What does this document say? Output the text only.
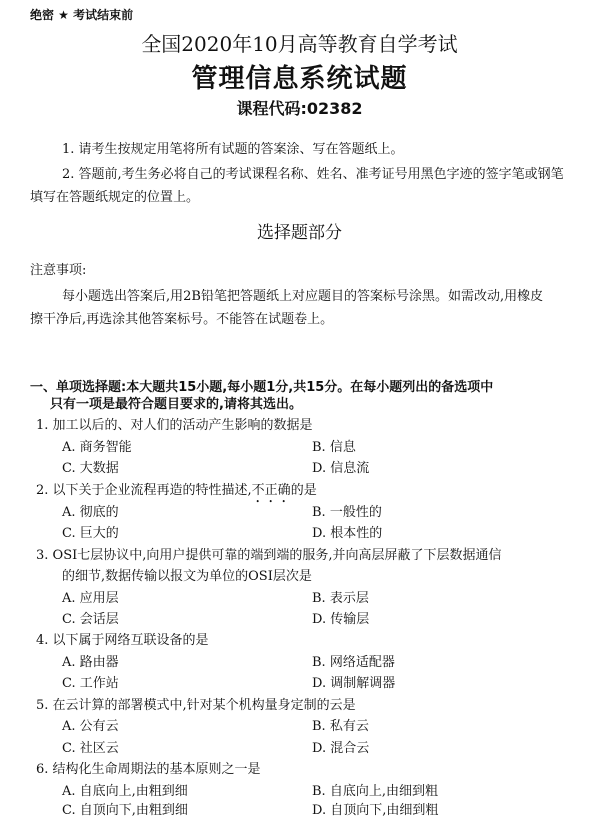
绝密 ★ 考试结束前
全国2020年10月高等教育自学考试
管理信息系统试题
课程代码:02382
1. 请考生按规定用笔将所有试题的答案涂、写在答题纸上。
2. 答题前,考生务必将自己的考试课程名称、姓名、准考证号用黑色字迹的签字笔或钢笔
填写在答题纸规定的位置上。
选择题部分
注意事项:
每小题选出答案后,用2B铅笔把答题纸上对应题目的答案标号涂黑。如需改动,用橡皮
擦干净后,再选涂其他答案标号。不能答在试题卷上。
一、单项选择题:本大题共15小题,每小题1分,共15分。在每小题列出的备选项中
只有一项是最符合题目要求的,请将其选出。
1. 加工以后的、对人们的活动产生影响的数据是
A. 商务智能	B. 信息
C. 大数据	D. 信息流
2. 以下关于企业流程再造的特性描述,不正确的是
A. 彻底的	B. 一般性的
C. 巨大的	D. 根本性的
3. OSI七层协议中,向用户提供可靠的端到端的服务,并向高层屏蔽了下层数据通信
的细节,数据传输以报文为单位的OSI层次是
A. 应用层	B. 表示层
C. 会话层	D. 传输层
4. 以下属于网络互联设备的是
A. 路由器	B. 网络适配器
C. 工作站	D. 调制解调器
5. 在云计算的部署模式中,针对某个机构量身定制的云是
A. 公有云	B. 私有云
C. 社区云	D. 混合云
6. 结构化生命周期法的基本原则之一是
A. 自底向上,由粗到细	B. 自底向上,由细到粗
C. 自顶向下,由粗到细	D. 自顶向下,由细到粗
